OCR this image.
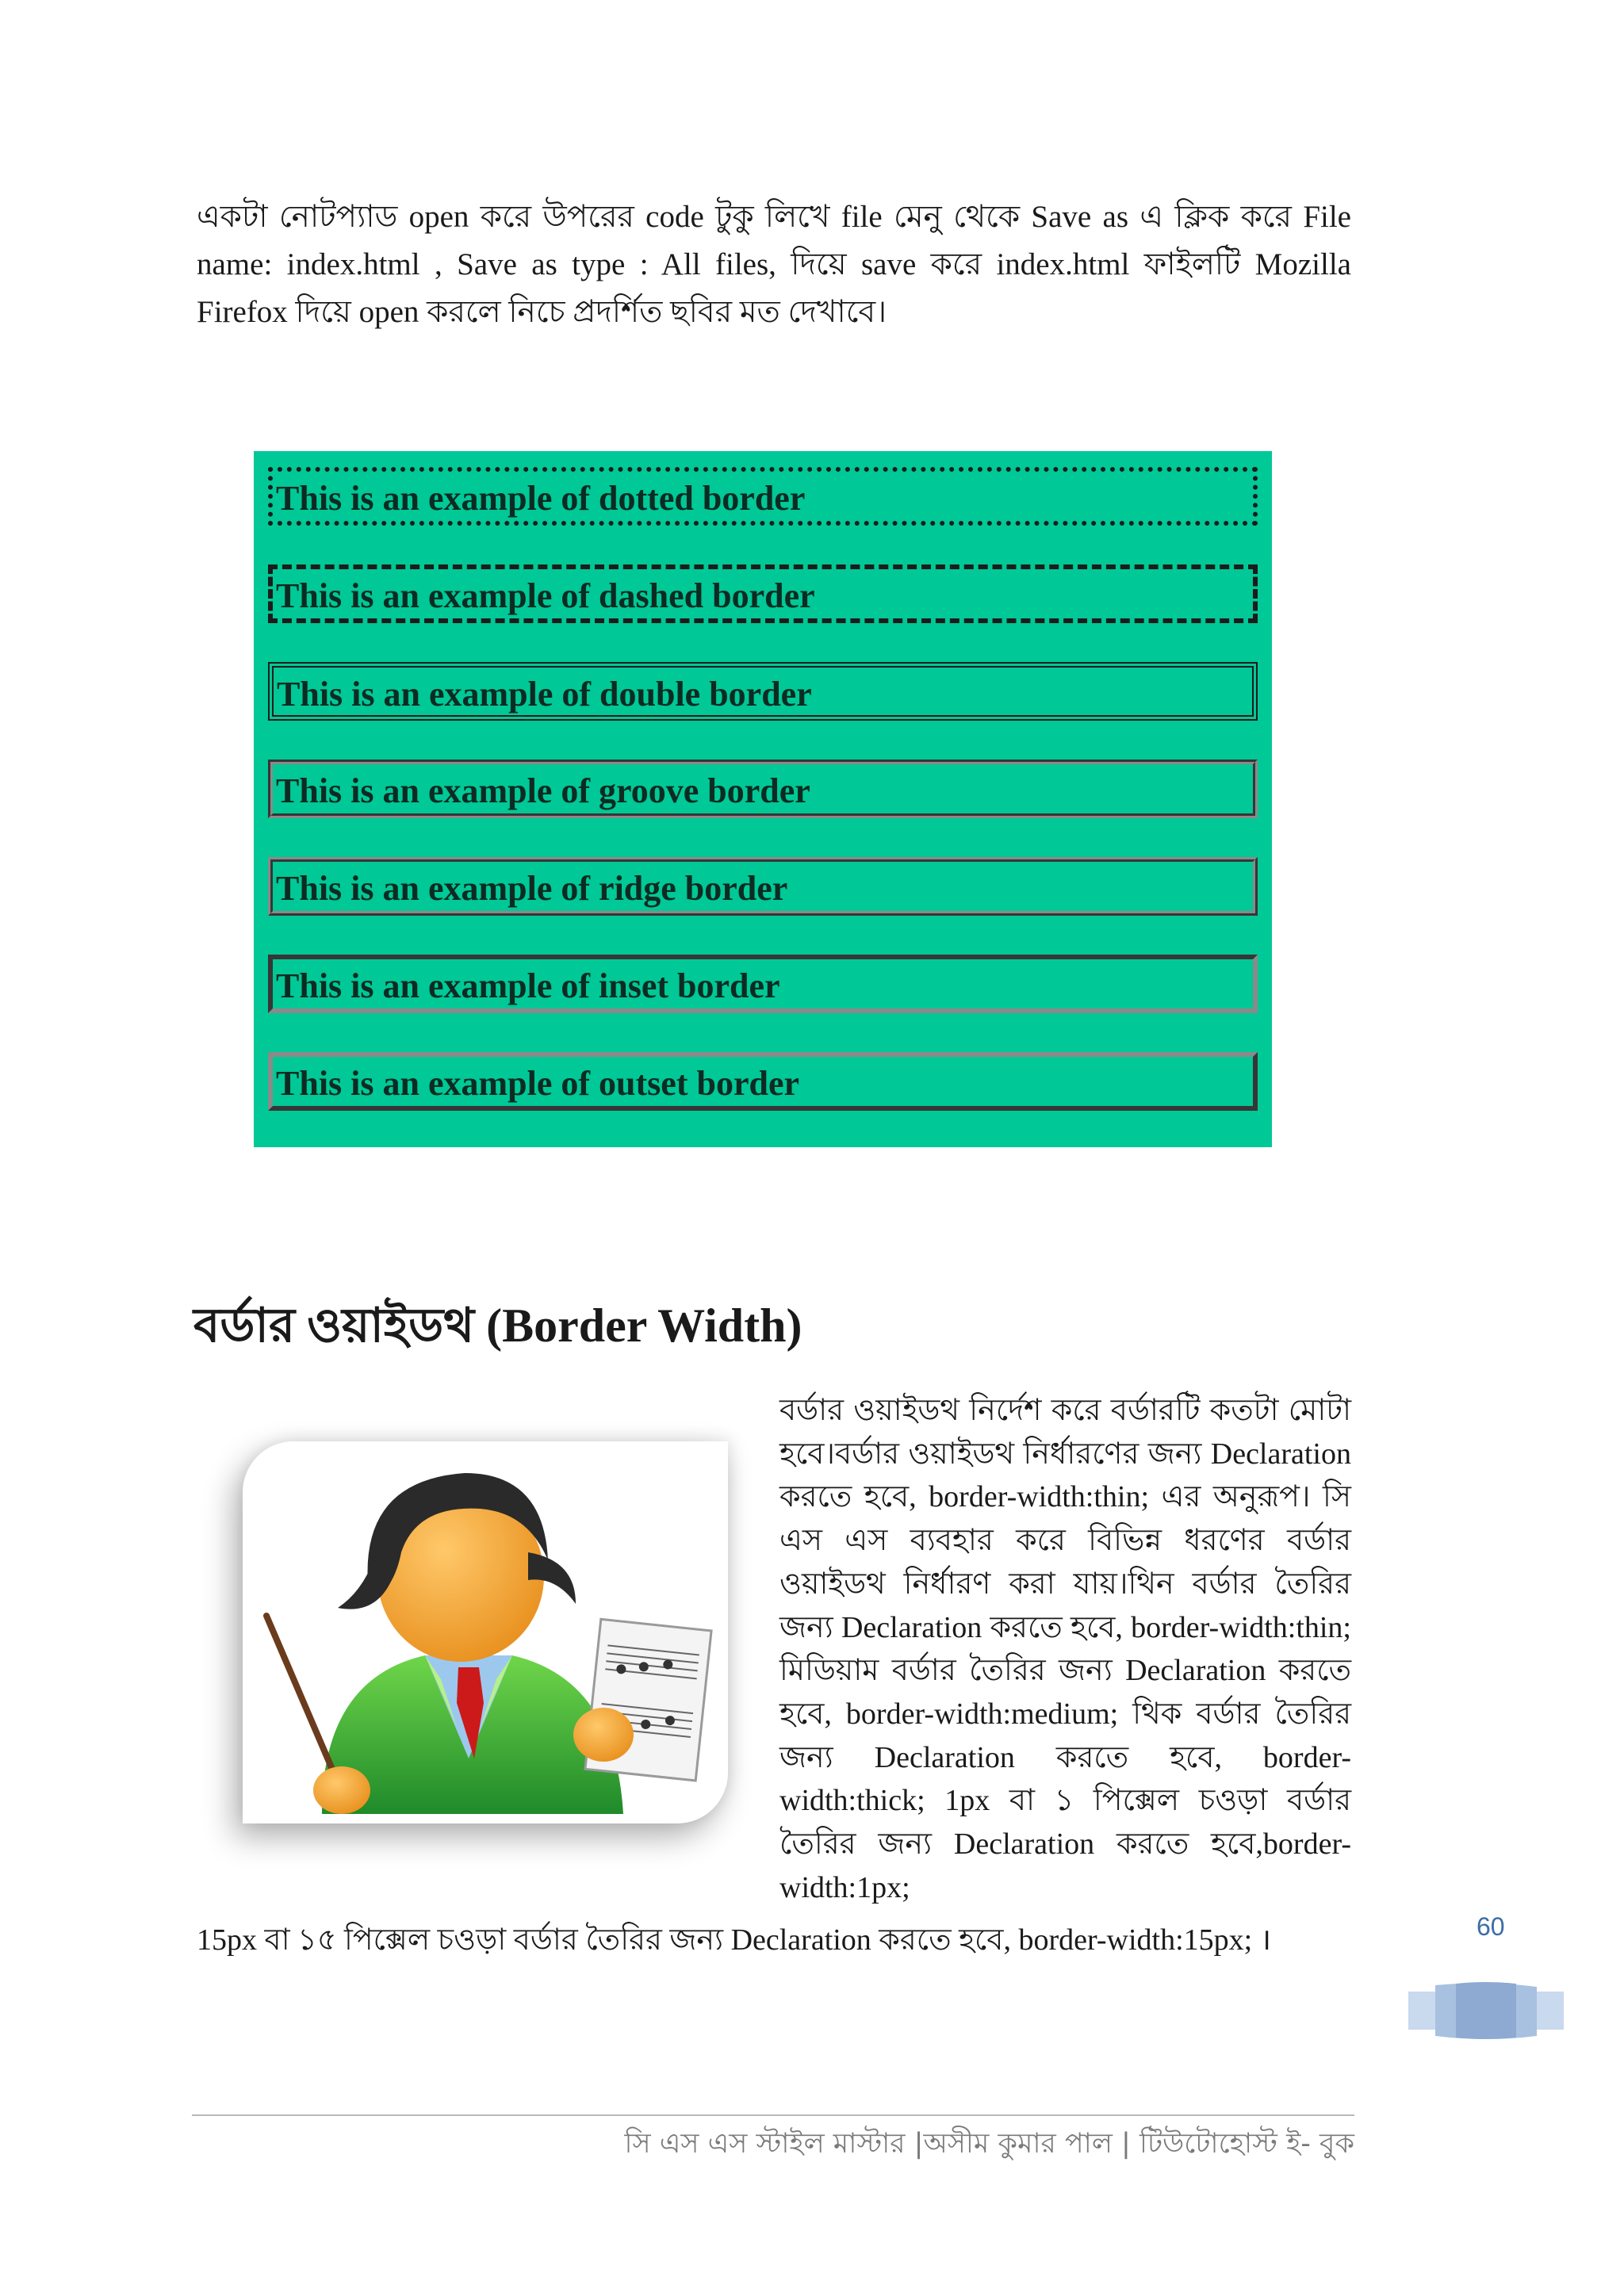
একটা নোটপ্যাড open করে উপরের code টুকু লিখে file মেনু থেকে Save as এ ক্লিক করে File name: index.html , Save as type : All files, দিয়ে save করে index.html ফাইলটি Mozilla Firefox দিয়ে open করলে নিচে প্রদর্শিত ছবির মত দেখাবে।

This is an example of dotted border
This is an example of dashed border
This is an example of double border
This is an example of groove border
This is an example of ridge border
This is an example of inset border
This is an example of outset border
বর্ডার ওয়াইডথ (Border Width)

বর্ডার ওয়াইডথ নির্দেশ করে বর্ডারটি কতটা মোটা হবে।বর্ডার ওয়াইডথ নির্ধারণের জন্য Declaration করতে হবে, border-width:thin; এর অনুরূপ। সি এস এস ব্যবহার করে বিভিন্ন ধরণের বর্ডার ওয়াইডথ নির্ধারণ করা যায়।থিন বর্ডার তৈরির জন্য Declaration করতে হবে, border-width:thin; মিডিয়াম বর্ডার তৈরির জন্য Declaration করতে হবে, border-width:medium; থিক বর্ডার তৈরির জন্য Declaration করতে হবে, border-width:thick; 1px বা ১ পিক্সেল চওড়া বর্ডার তৈরির জন্য Declaration করতে হবে,border-width:1px;

15px বা ১৫ পিক্সেল চওড়া বর্ডার তৈরির জন্য Declaration করতে হবে, border-width:15px; ।	60
সি এস এস স্টাইল মাস্টার |অসীম কুমার পাল | টিউটোহোস্ট ই- বুক
